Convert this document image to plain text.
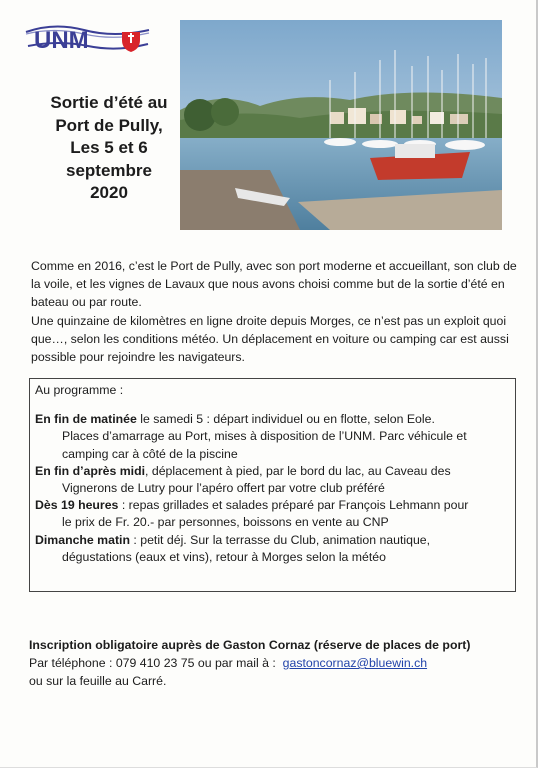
UNM
Sortie d’été au
Port de Pully,
Les 5 et 6
septembre
2020

Comme en 2016, c’est le Port de Pully, avec son port moderne et accueillant, son club de la voile, et les vignes de Lavaux que nous avons choisi comme but de la sortie d’été en bateau ou par route.

Une quinzaine de kilomètres en ligne droite depuis Morges, ce n’est pas un exploit quoi que…, selon les conditions météo. Un déplacement en voiture ou camping car est aussi possible pour rejoindre les navigateurs.

Au programme :

En fin de matinée le samedi 5 : départ individuel ou en flotte, selon Eole.

Places d’amarrage au Port, mises à disposition de l’UNM. Parc véhicule et camping car à côté de la piscine

En fin d’après midi, déplacement à pied, par le bord du lac, au Caveau des

Vignerons de Lutry pour l’apéro offert par votre club préféré

Dès 19 heures : repas grillades et salades préparé par François Lehmann pour

le prix de Fr. 20.- par personnes, boissons en vente au CNP

Dimanche matin : petit déj. Sur la terrasse du Club, animation nautique,

dégustations (eaux et vins), retour à Morges selon la météo

Inscription obligatoire auprès de Gaston Cornaz (réserve de places de port)
Par téléphone : 079 410 23 75 ou par mail à :  gastoncornaz@bluewin.ch
ou sur la feuille au Carré.
